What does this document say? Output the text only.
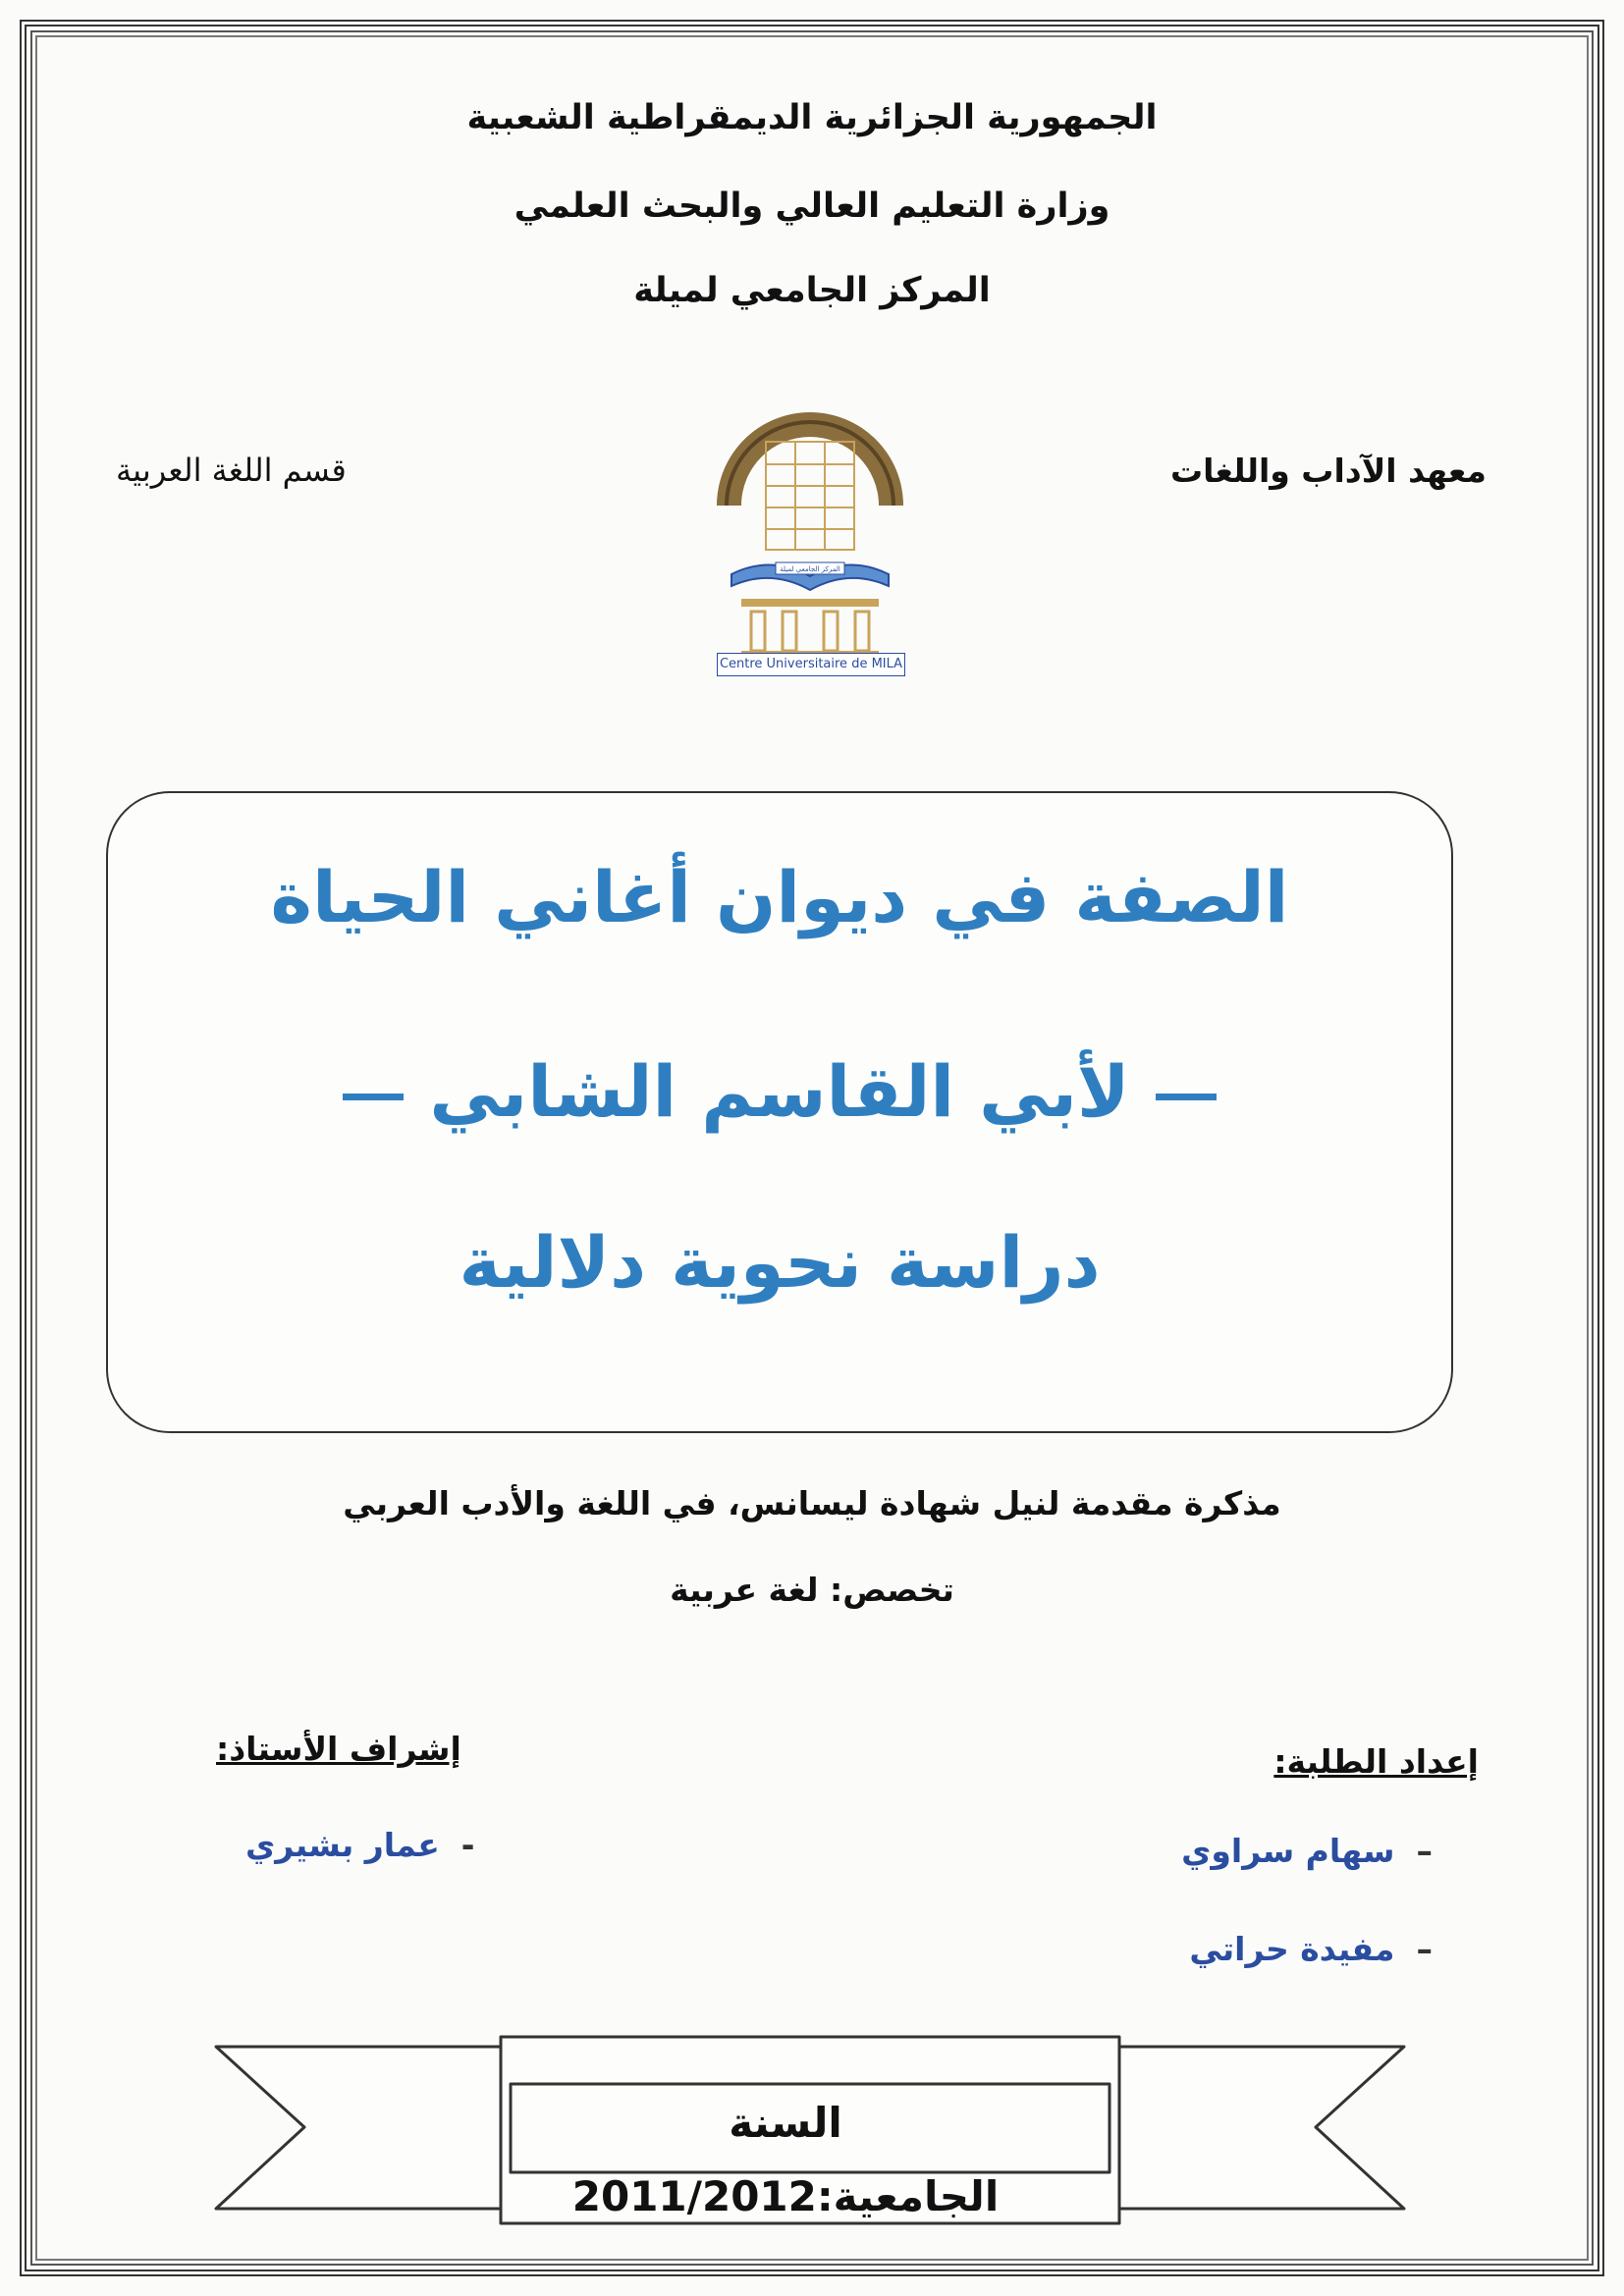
الجمهورية الجزائرية الديمقراطية الشعبية
وزارة التعليم العالي والبحث العلمي
المركز الجامعي لميلة
معهد الآداب واللغات
قسم اللغة العربية
المركز الجامعي لميلة
Centre Universitaire de MILA
الصفة في ديوان أغاني الحياة
لأبي القاسم الشابي
دراسة نحوية دلالية
مذكرة مقدمة لنيل شهادة ليسانس، في اللغة والأدب العربي
تخصص: لغة عربية
إعداد الطلبة:
إشراف الأستاذ:
–سهام سراوي
–مفيدة حراتي
-عمار بشيري
السنة الجامعية:2011/2012
